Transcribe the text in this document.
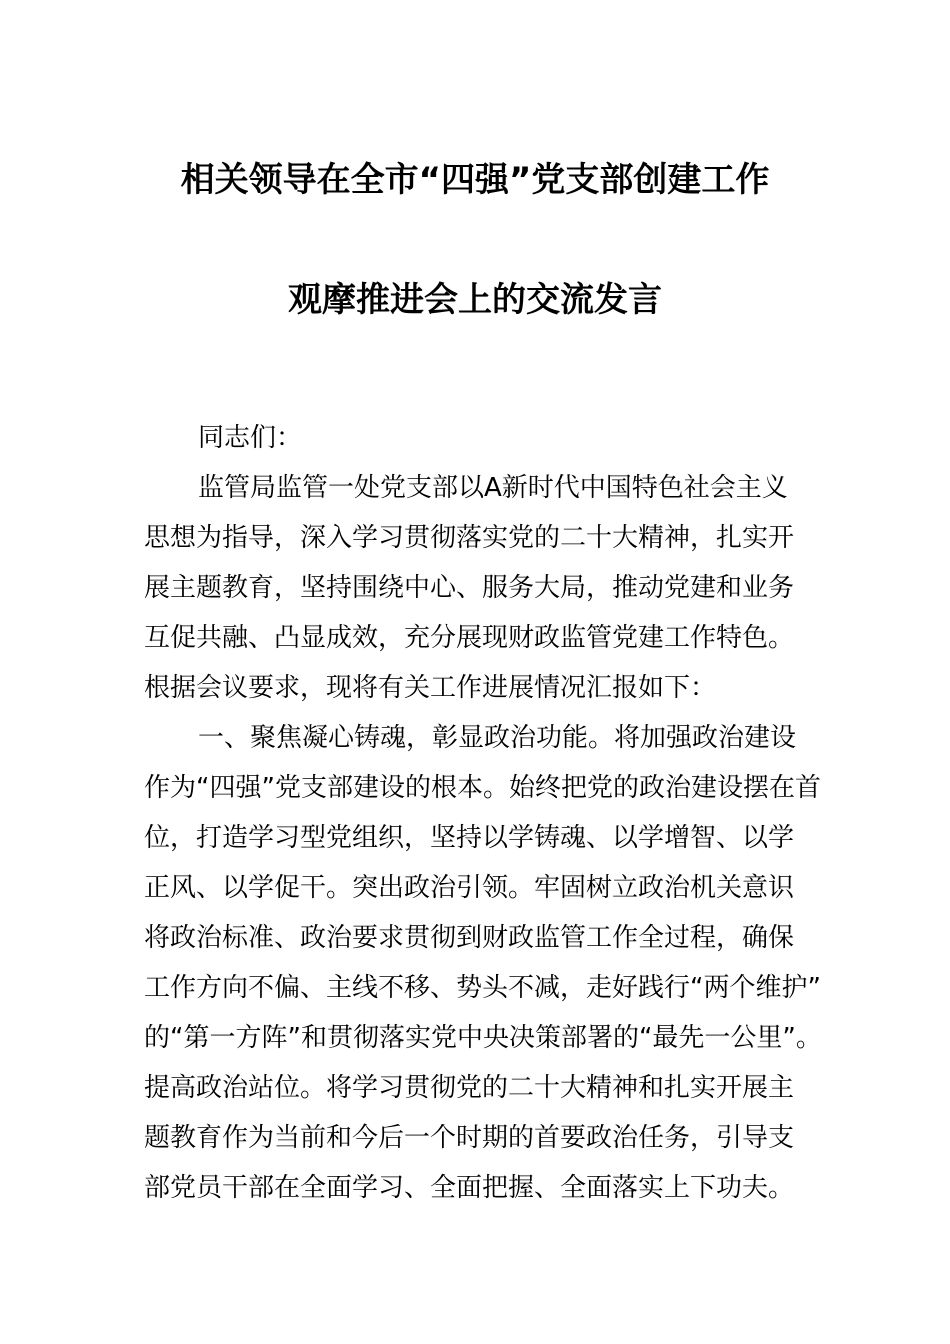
相关领导在全市“四强”党支部创建工作
观摩推进会上的交流发言
同志们：
监管局监管一处党支部以A新时代中国特色社会主义
思想为指导，深入学习贯彻落实党的二十大精神，扎实开
展主题教育，坚持围绕中心、服务大局，推动党建和业务
互促共融、凸显成效，充分展现财政监管党建工作特色。
根据会议要求，现将有关工作进展情况汇报如下：
一、聚焦凝心铸魂，彰显政治功能。将加强政治建设
作为“四强”党支部建设的根本。始终把党的政治建设摆在首
位，打造学习型党组织，坚持以学铸魂、以学增智、以学
正风、以学促干。突出政治引领。牢固树立政治机关意识
将政治标准、政治要求贯彻到财政监管工作全过程，确保
工作方向不偏、主线不移、势头不减，走好践行“两个维护”
的“第一方阵”和贯彻落实党中央决策部署的“最先一公里”。
提高政治站位。将学习贯彻党的二十大精神和扎实开展主
题教育作为当前和今后一个时期的首要政治任务，引导支
部党员干部在全面学习、全面把握、全面落实上下功夫。
